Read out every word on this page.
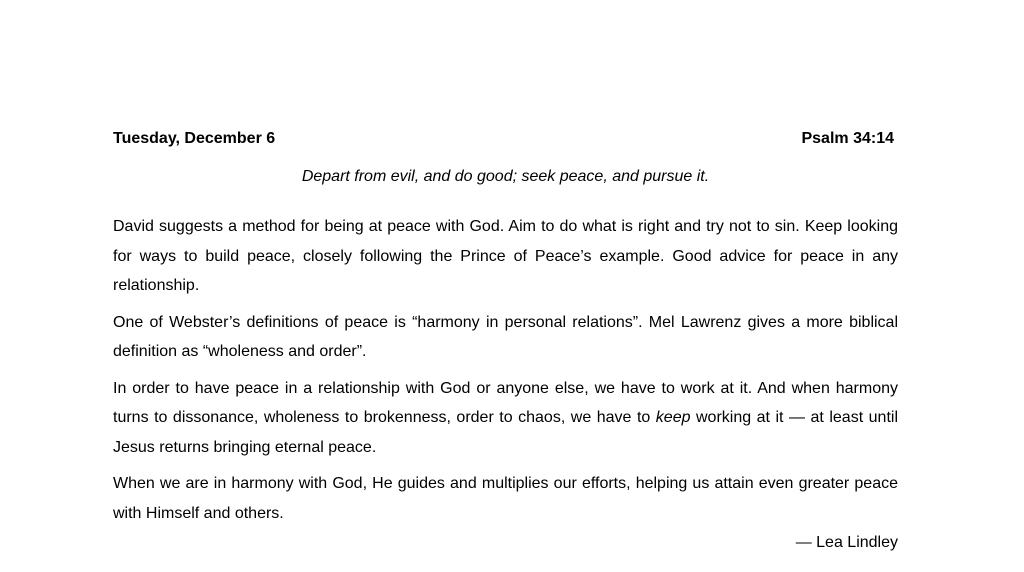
Tuesday, December 6	Psalm 34:14
Depart from evil, and do good; seek peace, and pursue it.

David suggests a method for being at peace with God. Aim to do what is right and try not to sin. Keep looking for ways to build peace, closely following the Prince of Peace’s example. Good advice for peace in any relationship.

One of Webster’s definitions of peace is “harmony in personal relations”. Mel Lawrenz gives a more biblical definition as “wholeness and order”.

In order to have peace in a relationship with God or anyone else, we have to work at it. And when harmony turns to dissonance, wholeness to brokenness, order to chaos, we have to keep working at it — at least until Jesus returns bringing eternal peace.

When we are in harmony with God, He guides and multiplies our efforts, helping us attain even greater peace with Himself and others.

— Lea Lindley
